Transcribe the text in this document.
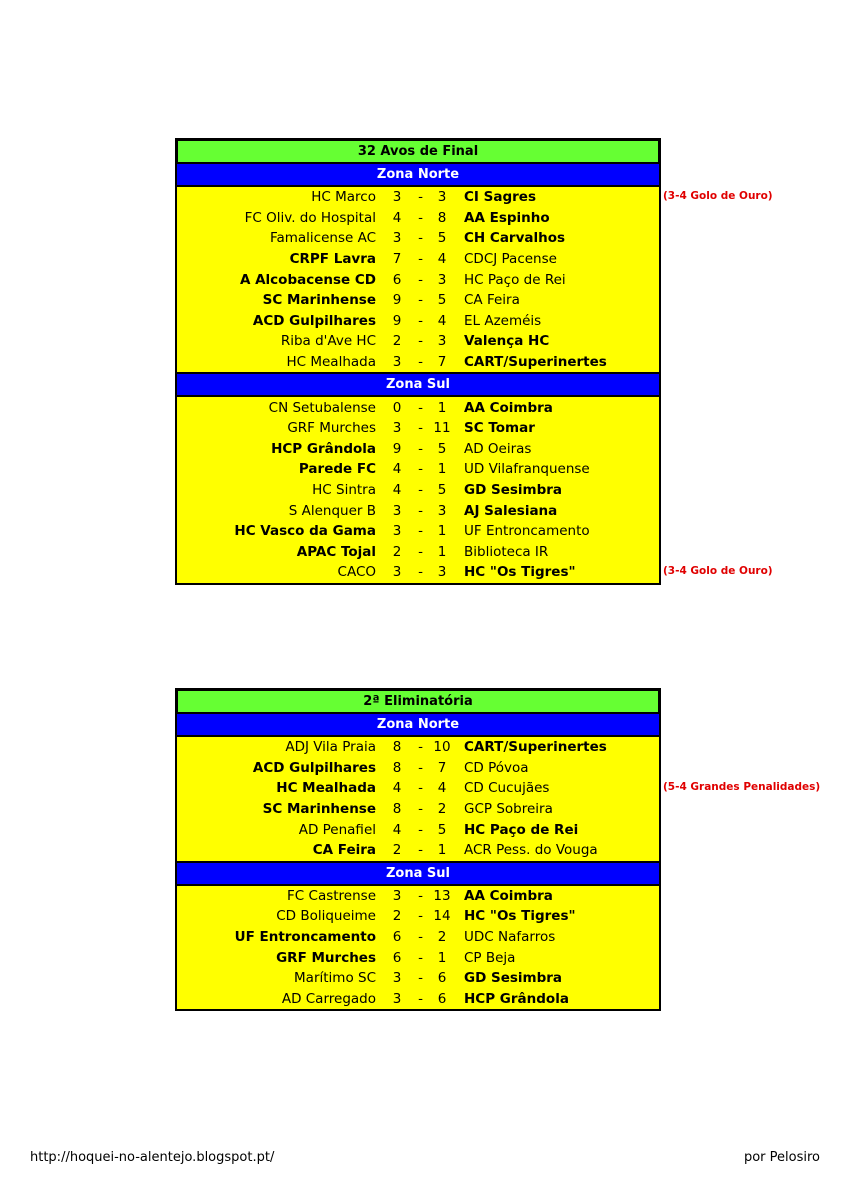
32 Avos de Final
Zona Norte
HC Marco	3	-	3	CI Sagres
FC Oliv. do Hospital	4	-	8	AA Espinho
Famalicense AC	3	-	5	CH Carvalhos
CRPF Lavra	7	-	4	CDCJ Pacense
A Alcobacense CD	6	-	3	HC Paço de Rei
SC Marinhense	9	-	5	CA Feira
ACD Gulpilhares	9	-	4	EL Azeméis
Riba d'Ave HC	2	-	3	Valença HC
HC Mealhada	3	-	7	CART/Superinertes
Zona Sul
CN Setubalense	0	-	1	AA Coimbra
GRF Murches	3	- 11 SC Tomar
HCP Grândola	9	-	5	AD Oeiras
Parede FC	4	-	1	UD Vilafranquense
HC Sintra	4	-	5	GD Sesimbra
S Alenquer B	3	-	3	AJ Salesiana
HC Vasco da Gama	3	-	1	UF Entroncamento
APAC Tojal	2	-	1	Biblioteca IR
CACO	3	-	3	HC "Os Tigres"
2ª Eliminatória
Zona Norte
ADJ Vila Praia	8	- 10 CART/Superinertes
ACD Gulpilhares	8	-	7	CD Póvoa
HC Mealhada	4	-	4	CD Cucujães
SC Marinhense	8	-	2	GCP Sobreira
AD Penafiel	4	-	5	HC Paço de Rei
CA Feira	2	-	1	ACR Pess. do Vouga
Zona Sul
FC Castrense	3	- 13 AA Coimbra
CD Boliqueime	2	- 14 HC "Os Tigres"
UF Entroncamento	6	-	2	UDC Nafarros
GRF Murches	6	-	1	CP Beja
Marítimo SC	3	-	6	GD Sesimbra
AD Carregado	3	-	6	HCP Grândola
http://hoquei-no-alentejo.blogspot.pt/	por Pelosiro
(3-4 Golo de Ouro)
(3-4 Golo de Ouro)
(5-4 Grandes Penalidades)
